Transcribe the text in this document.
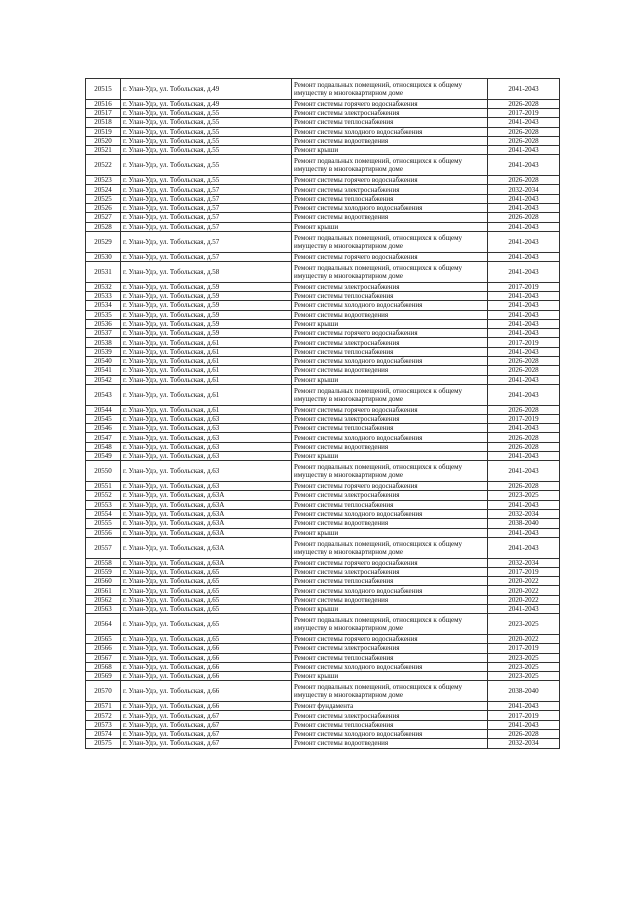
20515	г. Улан-Удэ, ул. Тобольская, д.49	Ремонт подвальных помещений, относящихся к общему имуществу в многоквартирном доме	2041-2043
20516	г. Улан-Удэ, ул. Тобольская, д.49	Ремонт системы горячего водоснабжения	2026-2028
20517	г. Улан-Удэ, ул. Тобольская, д.55	Ремонт системы электроснабжения	2017-2019
20518	г. Улан-Удэ, ул. Тобольская, д.55	Ремонт системы теплоснабжения	2041-2043
20519	г. Улан-Удэ, ул. Тобольская, д.55	Ремонт системы холодного водоснабжения	2026-2028
20520	г. Улан-Удэ, ул. Тобольская, д.55	Ремонт системы водоотведения	2026-2028
20521	г. Улан-Удэ, ул. Тобольская, д.55	Ремонт крыши	2041-2043
20522	г. Улан-Удэ, ул. Тобольская, д.55	Ремонт подвальных помещений, относящихся к общему имуществу в многоквартирном доме	2041-2043
20523	г. Улан-Удэ, ул. Тобольская, д.55	Ремонт системы горячего водоснабжения	2026-2028
20524	г. Улан-Удэ, ул. Тобольская, д.57	Ремонт системы электроснабжения	2032-2034
20525	г. Улан-Удэ, ул. Тобольская, д.57	Ремонт системы теплоснабжения	2041-2043
20526	г. Улан-Удэ, ул. Тобольская, д.57	Ремонт системы холодного водоснабжения	2041-2043
20527	г. Улан-Удэ, ул. Тобольская, д.57	Ремонт системы водоотведения	2026-2028
20528	г. Улан-Удэ, ул. Тобольская, д.57	Ремонт крыши	2041-2043
20529	г. Улан-Удэ, ул. Тобольская, д.57	Ремонт подвальных помещений, относящихся к общему имуществу в многоквартирном доме	2041-2043
20530	г. Улан-Удэ, ул. Тобольская, д.57	Ремонт системы горячего водоснабжения	2041-2043
20531	г. Улан-Удэ, ул. Тобольская, д.58	Ремонт подвальных помещений, относящихся к общему имуществу в многоквартирном доме	2041-2043
20532	г. Улан-Удэ, ул. Тобольская, д.59	Ремонт системы электроснабжения	2017-2019
20533	г. Улан-Удэ, ул. Тобольская, д.59	Ремонт системы теплоснабжения	2041-2043
20534	г. Улан-Удэ, ул. Тобольская, д.59	Ремонт системы холодного водоснабжения	2041-2043
20535	г. Улан-Удэ, ул. Тобольская, д.59	Ремонт системы водоотведения	2041-2043
20536	г. Улан-Удэ, ул. Тобольская, д.59	Ремонт крыши	2041-2043
20537	г. Улан-Удэ, ул. Тобольская, д.59	Ремонт системы горячего водоснабжения	2041-2043
20538	г. Улан-Удэ, ул. Тобольская, д.61	Ремонт системы электроснабжения	2017-2019
20539	г. Улан-Удэ, ул. Тобольская, д.61	Ремонт системы теплоснабжения	2041-2043
20540	г. Улан-Удэ, ул. Тобольская, д.61	Ремонт системы холодного водоснабжения	2026-2028
20541	г. Улан-Удэ, ул. Тобольская, д.61	Ремонт системы водоотведения	2026-2028
20542	г. Улан-Удэ, ул. Тобольская, д.61	Ремонт крыши	2041-2043
20543	г. Улан-Удэ, ул. Тобольская, д.61	Ремонт подвальных помещений, относящихся к общему имуществу в многоквартирном доме	2041-2043
20544	г. Улан-Удэ, ул. Тобольская, д.61	Ремонт системы горячего водоснабжения	2026-2028
20545	г. Улан-Удэ, ул. Тобольская, д.63	Ремонт системы электроснабжения	2017-2019
20546	г. Улан-Удэ, ул. Тобольская, д.63	Ремонт системы теплоснабжения	2041-2043
20547	г. Улан-Удэ, ул. Тобольская, д.63	Ремонт системы холодного водоснабжения	2026-2028
20548	г. Улан-Удэ, ул. Тобольская, д.63	Ремонт системы водоотведения	2026-2028
20549	г. Улан-Удэ, ул. Тобольская, д.63	Ремонт крыши	2041-2043
20550	г. Улан-Удэ, ул. Тобольская, д.63	Ремонт подвальных помещений, относящихся к общему имуществу в многоквартирном доме	2041-2043
20551	г. Улан-Удэ, ул. Тобольская, д.63	Ремонт системы горячего водоснабжения	2026-2028
20552	г. Улан-Удэ, ул. Тобольская, д.63А	Ремонт системы электроснабжения	2023-2025
20553	г. Улан-Удэ, ул. Тобольская, д.63А	Ремонт системы теплоснабжения	2041-2043
20554	г. Улан-Удэ, ул. Тобольская, д.63А	Ремонт системы холодного водоснабжения	2032-2034
20555	г. Улан-Удэ, ул. Тобольская, д.63А	Ремонт системы водоотведения	2038-2040
20556	г. Улан-Удэ, ул. Тобольская, д.63А	Ремонт крыши	2041-2043
20557	г. Улан-Удэ, ул. Тобольская, д.63А	Ремонт подвальных помещений, относящихся к общему имуществу в многоквартирном доме	2041-2043
20558	г. Улан-Удэ, ул. Тобольская, д.63А	Ремонт системы горячего водоснабжения	2032-2034
20559	г. Улан-Удэ, ул. Тобольская, д.65	Ремонт системы электроснабжения	2017-2019
20560	г. Улан-Удэ, ул. Тобольская, д.65	Ремонт системы теплоснабжения	2020-2022
20561	г. Улан-Удэ, ул. Тобольская, д.65	Ремонт системы холодного водоснабжения	2020-2022
20562	г. Улан-Удэ, ул. Тобольская, д.65	Ремонт системы водоотведения	2020-2022
20563	г. Улан-Удэ, ул. Тобольская, д.65	Ремонт крыши	2041-2043
20564	г. Улан-Удэ, ул. Тобольская, д.65	Ремонт подвальных помещений, относящихся к общему имуществу в многоквартирном доме	2023-2025
20565	г. Улан-Удэ, ул. Тобольская, д.65	Ремонт системы горячего водоснабжения	2020-2022
20566	г. Улан-Удэ, ул. Тобольская, д.66	Ремонт системы электроснабжения	2017-2019
20567	г. Улан-Удэ, ул. Тобольская, д.66	Ремонт системы теплоснабжения	2023-2025
20568	г. Улан-Удэ, ул. Тобольская, д.66	Ремонт системы холодного водоснабжения	2023-2025
20569	г. Улан-Удэ, ул. Тобольская, д.66	Ремонт крыши	2023-2025
20570	г. Улан-Удэ, ул. Тобольская, д.66	Ремонт подвальных помещений, относящихся к общему имуществу в многоквартирном доме	2038-2040
20571	г. Улан-Удэ, ул. Тобольская, д.66	Ремонт фундамента	2041-2043
20572	г. Улан-Удэ, ул. Тобольская, д.67	Ремонт системы электроснабжения	2017-2019
20573	г. Улан-Удэ, ул. Тобольская, д.67	Ремонт системы теплоснабжения	2041-2043
20574	г. Улан-Удэ, ул. Тобольская, д.67	Ремонт системы холодного водоснабжения	2026-2028
20575	г. Улан-Удэ, ул. Тобольская, д.67	Ремонт системы водоотведения	2032-2034
